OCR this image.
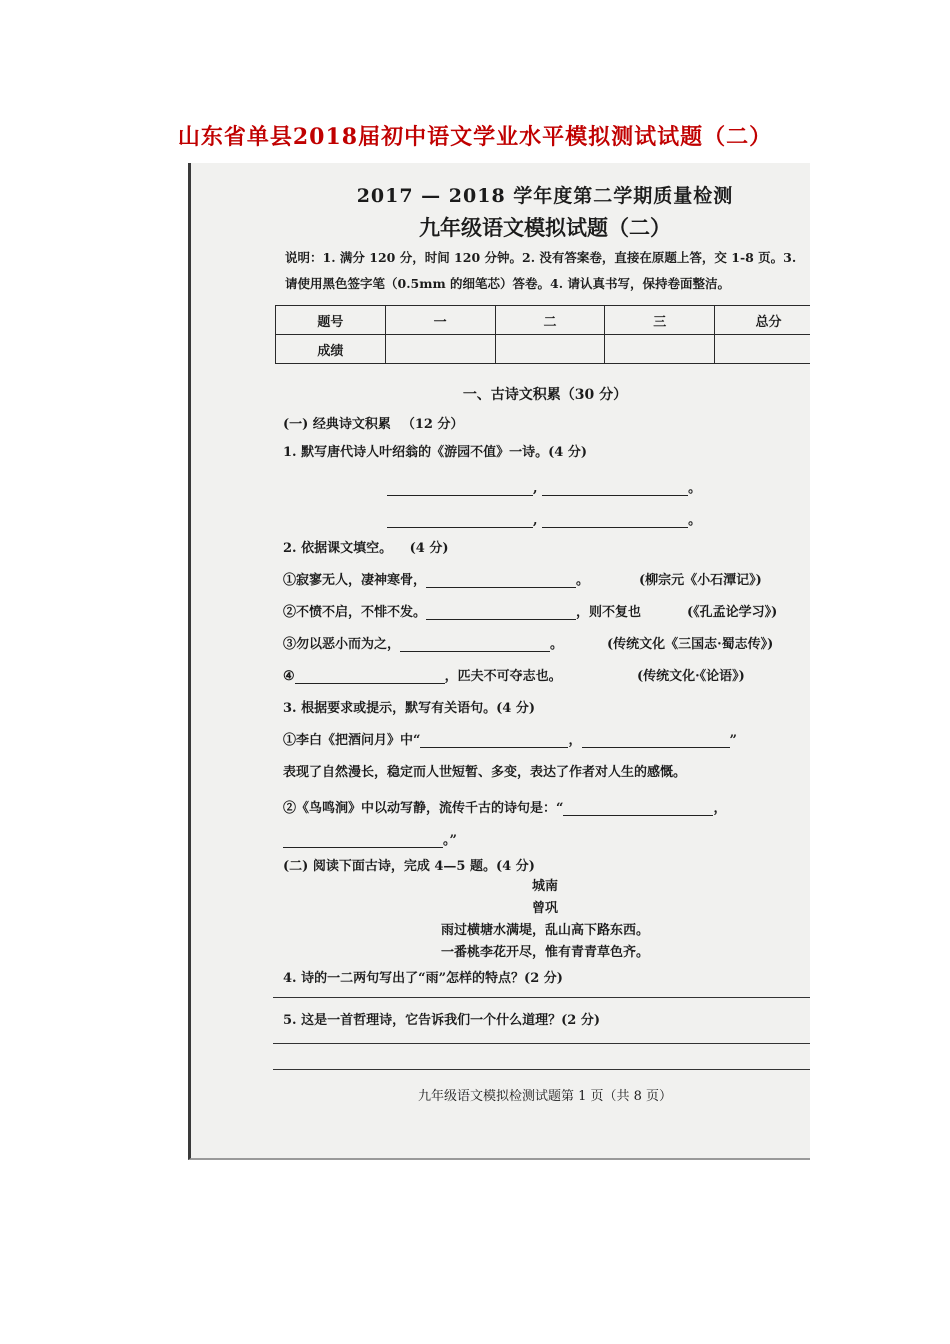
山东省单县2018届初中语文学业水平模拟测试试题（二）
2017 — 2018 学年度第二学期质量检测
九年级语文模拟试题（二）
说明：1. 满分 120 分，时间 120 分钟。2. 没有答案卷，直接在原题上答，交 1-8 页。3.
请使用黑色签字笔（0.5mm 的细笔芯）答卷。4. 请认真书写，保持卷面整洁。
题号	一	二	三	总分
成绩				
一、古诗文积累（30 分）
(一) 经典诗文积累 　（12 分）
1. 默写唐代诗人叶绍翁的《游园不值》一诗。(4 分)
,	。
,	。
2. 依据课文填空。 　(4 分)
①寂寥无人，凄神寒骨，	。	(柳宗元《小石潭记》)
②不愤不启，不悱不发。	，则不复也	(《孔孟论学习》)
③勿以恶小而为之，	。	(传统文化《三国志·蜀志传》)
④	，匹夫不可夺志也。	(传统文化·《论语》)
3. 根据要求或提示，默写有关语句。(4 分)
①李白《把酒问月》中“	，	”
表现了自然漫长，稳定而人世短暂、多变，表达了作者对人生的感慨。
②《鸟鸣涧》中以动写静，流传千古的诗句是：“	，
。”
(二) 阅读下面古诗，完成 4—5 题。(4 分)
城南
曾巩
雨过横塘水满堤，乱山高下路东西。
一番桃李花开尽，惟有青青草色齐。
4. 诗的一二两句写出了“雨”怎样的特点？(2 分)
5. 这是一首哲理诗，它告诉我们一个什么道理？(2 分)
九年级语文模拟检测试题第 1 页（共 8 页）
